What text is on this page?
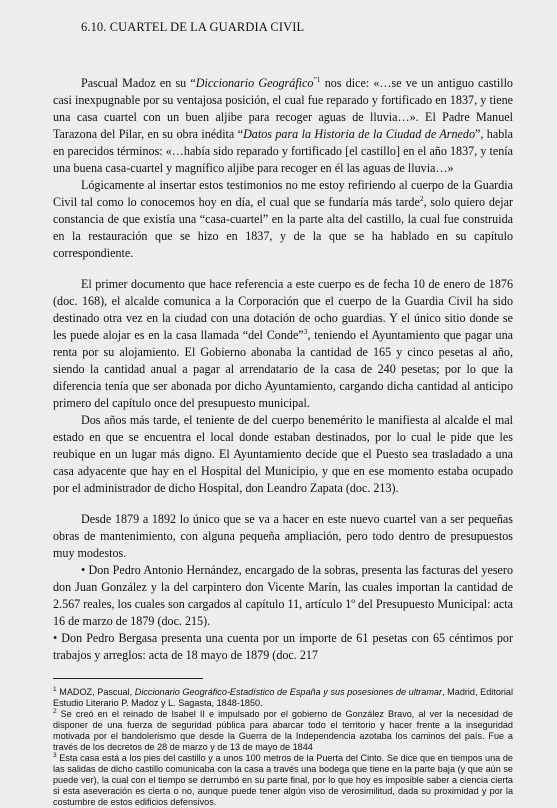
6.10. CUARTEL DE LA GUARDIA CIVIL

Pascual Madoz en su “Diccionario Geográfico$^{”1}$ nos dice: «…se ve un antiguo castillo casi inexpugnable por su ventajosa posición, el cual fue reparado y fortificado en 1837, y tiene una casa cuartel con un buen aljibe para recoger aguas de lluvia…». El Padre Manuel Tarazona del Pilar, en su obra inédita “Datos para la Historia de la Ciudad de Arnedo”, habla en parecidos términos: «…había sido reparado y fortificado [el castillo] en el año 1837, y tenía una buena casa-cuartel y magnífico aljibe para recoger en él las aguas de lluvia…»

Lógicamente al insertar estos testimonios no me estoy refiriendo al cuerpo de la Guardia Civil tal como lo conocemos hoy en día, el cual que se fundaría más tarde$^2$, solo quiero dejar constancia de que existía una “casa-cuartel” en la parte alta del castillo, la cual fue construida en la restauración que se hizo en 1837, y de la que se ha hablado en su capítulo correspondiente.

El primer documento que hace referencia a este cuerpo es de fecha 10 de enero de 1876 (doc. 168), el alcalde comunica a la Corporación que el cuerpo de la Guardia Civil ha sido destinado otra vez en la ciudad con una dotación de ocho guardias. Y el único sitio donde se les puede alojar es en la casa llamada “del Conde”$^3$, teniendo el Ayuntamiento que pagar una renta por su alojamiento. El Gobierno abonaba la cantidad de 165 y cinco pesetas al año, siendo la cantidad anual a pagar al arrendatario de la casa de 240 pesetas; por lo que la diferencia tenía que ser abonada por dicho Ayuntamiento, cargando dicha cantidad al anticipo primero del capítulo once del presupuesto municipal.

Dos años más tarde, el teniente de del cuerpo benemérito le manifiesta al alcalde el mal estado en que se encuentra el local donde estaban destinados, por lo cual le pide que les reubique en un lugar más digno. El Ayuntamiento decide que el Puesto sea trasladado a una casa adyacente que hay en el Hospital del Municipio, y que en ese momento estaba ocupado por el administrador de dicho Hospital, don Leandro Zapata (doc. 213).

Desde 1879 a 1892 lo único que se va a hacer en este nuevo cuartel van a ser pequeñas obras de mantenimiento, con alguna pequeña ampliación, pero todo dentro de presupuestos muy modestos.

• Don Pedro Antonio Hernández, encargado de la sobras, presenta las facturas del yesero don Juan González y la del carpintero don Vicente Marín, las cuales importan la cantidad de 2.567 reales, los cuales son cargados al capítulo 11, artículo 1º del Presupuesto Municipal: acta 16 de marzo de 1879 (doc. 215).

• Don Pedro Bergasa presenta una cuenta por un importe de 61 pesetas con 65 céntimos por trabajos y arreglos: acta de 18 mayo de 1879 (doc. 217

$^1$ MADOZ, Pascual, Diccionario Geográfico-Estadístico de España y sus posesiones de ultramar, Madrid, Editorial Estudio Literario P. Madoz y L. Sagasta, 1848-1850.

$^2$ Se creó en el reinado de Isabel II e impulsado por el gobierno de González Bravo, al ver la necesidad de disponer de una fuerza de seguridad pública para abarcar todo el territorio y hacer frente a la inseguridad motivada por el bandolerismo que desde la Guerra de la Independencia azotaba los caminos del país. Fue a través de los decretos de 28 de marzo y de 13 de mayo de 1844

$^3$ Esta casa está a los pies del castillo y a unos 100 metros de la Puerta del Cinto. Se dice que en tiempos una de las salidas de dicho castillo comunicaba con la casa a través una bodega que tiene en la parte baja (y que aún se puede ver), la cual con el tiempo se derrumbó en su parte final, por lo que hoy es imposible saber a ciencia cierta si esta aseveración es cierta o no, aunque puede tener algún viso de verosimilitud, dada su proximidad y por la costumbre de estos edificios defensivos.
